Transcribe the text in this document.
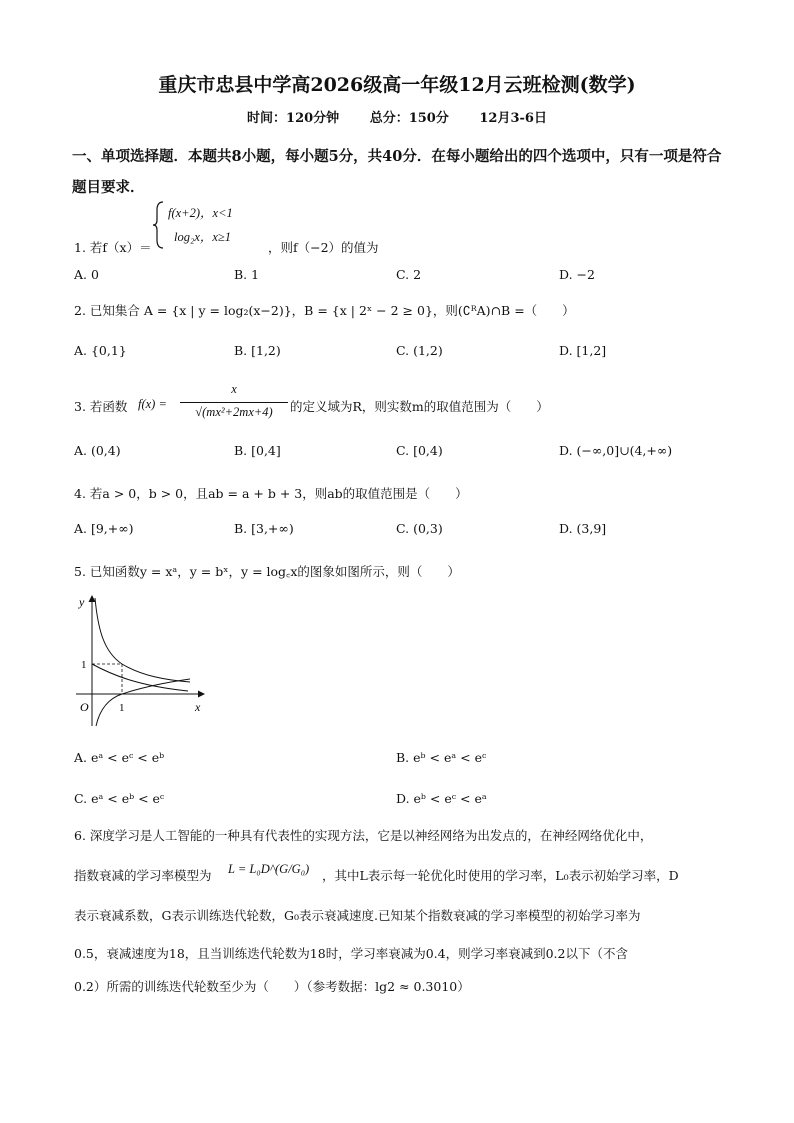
重庆市忠县中学高2026级高一年级12月云班检测(数学)
时间：120分钟 总分：150分 12月3-6日
一、单项选择题．本题共8小题，每小题5分，共40分．在每小题给出的四个选项中，只有一项是符合题目要求．
1. 若f（x）＝
f(x+2)，x<1
log₂x，x≥1
，则f（−2）的值为
A. 0	B. 1	C. 2	D. −2
2. 已知集合 A = {x | y = log₂(x−2)}，B = {x | 2ˣ − 2 ≥ 0}，则(∁ᴿA)∩B =（　　）
A. {0,1}	B. [1,2)	C. (1,2)	D. [1,2]
3. 若函数 f(x) =
x
√(mx²+2mx+4)	的定义域为R，则实数m的取值范围为（　　）
A. (0,4)	B. [0,4]	C. [0,4)	D. (−∞,0]∪(4,+∞)
4. 若a > 0，b > 0，且ab = a + b + 3，则ab的取值范围是（　　）
A. [9,+∞)	B. [3,+∞)	C. (0,3)	D. (3,9]
5. 已知函数y = xᵃ，y = bˣ，y = log꜀x的图象如图所示，则（　　）
y
x
O
1
1
A. eᵃ < eᶜ < eᵇ	B. eᵇ < eᵃ < eᶜ
C. eᵃ < eᵇ < eᶜ	D. eᵇ < eᶜ < eᵃ
6. 深度学习是人工智能的一种具有代表性的实现方法，它是以神经网络为出发点的，在神经网络优化中，
指数衰减的学习率模型为 L = L₀D^(G/G₀) ，其中L表示每一轮优化时使用的学习率，L₀表示初始学习率，D
表示衰减系数，G表示训练迭代轮数，G₀表示衰减速度.已知某个指数衰减的学习率模型的初始学习率为
0.5，衰减速度为18，且当训练迭代轮数为18时，学习率衰减为0.4，则学习率衰减到0.2以下（不含
0.2）所需的训练迭代轮数至少为（　　）（参考数据：lg2 ≈ 0.3010）
